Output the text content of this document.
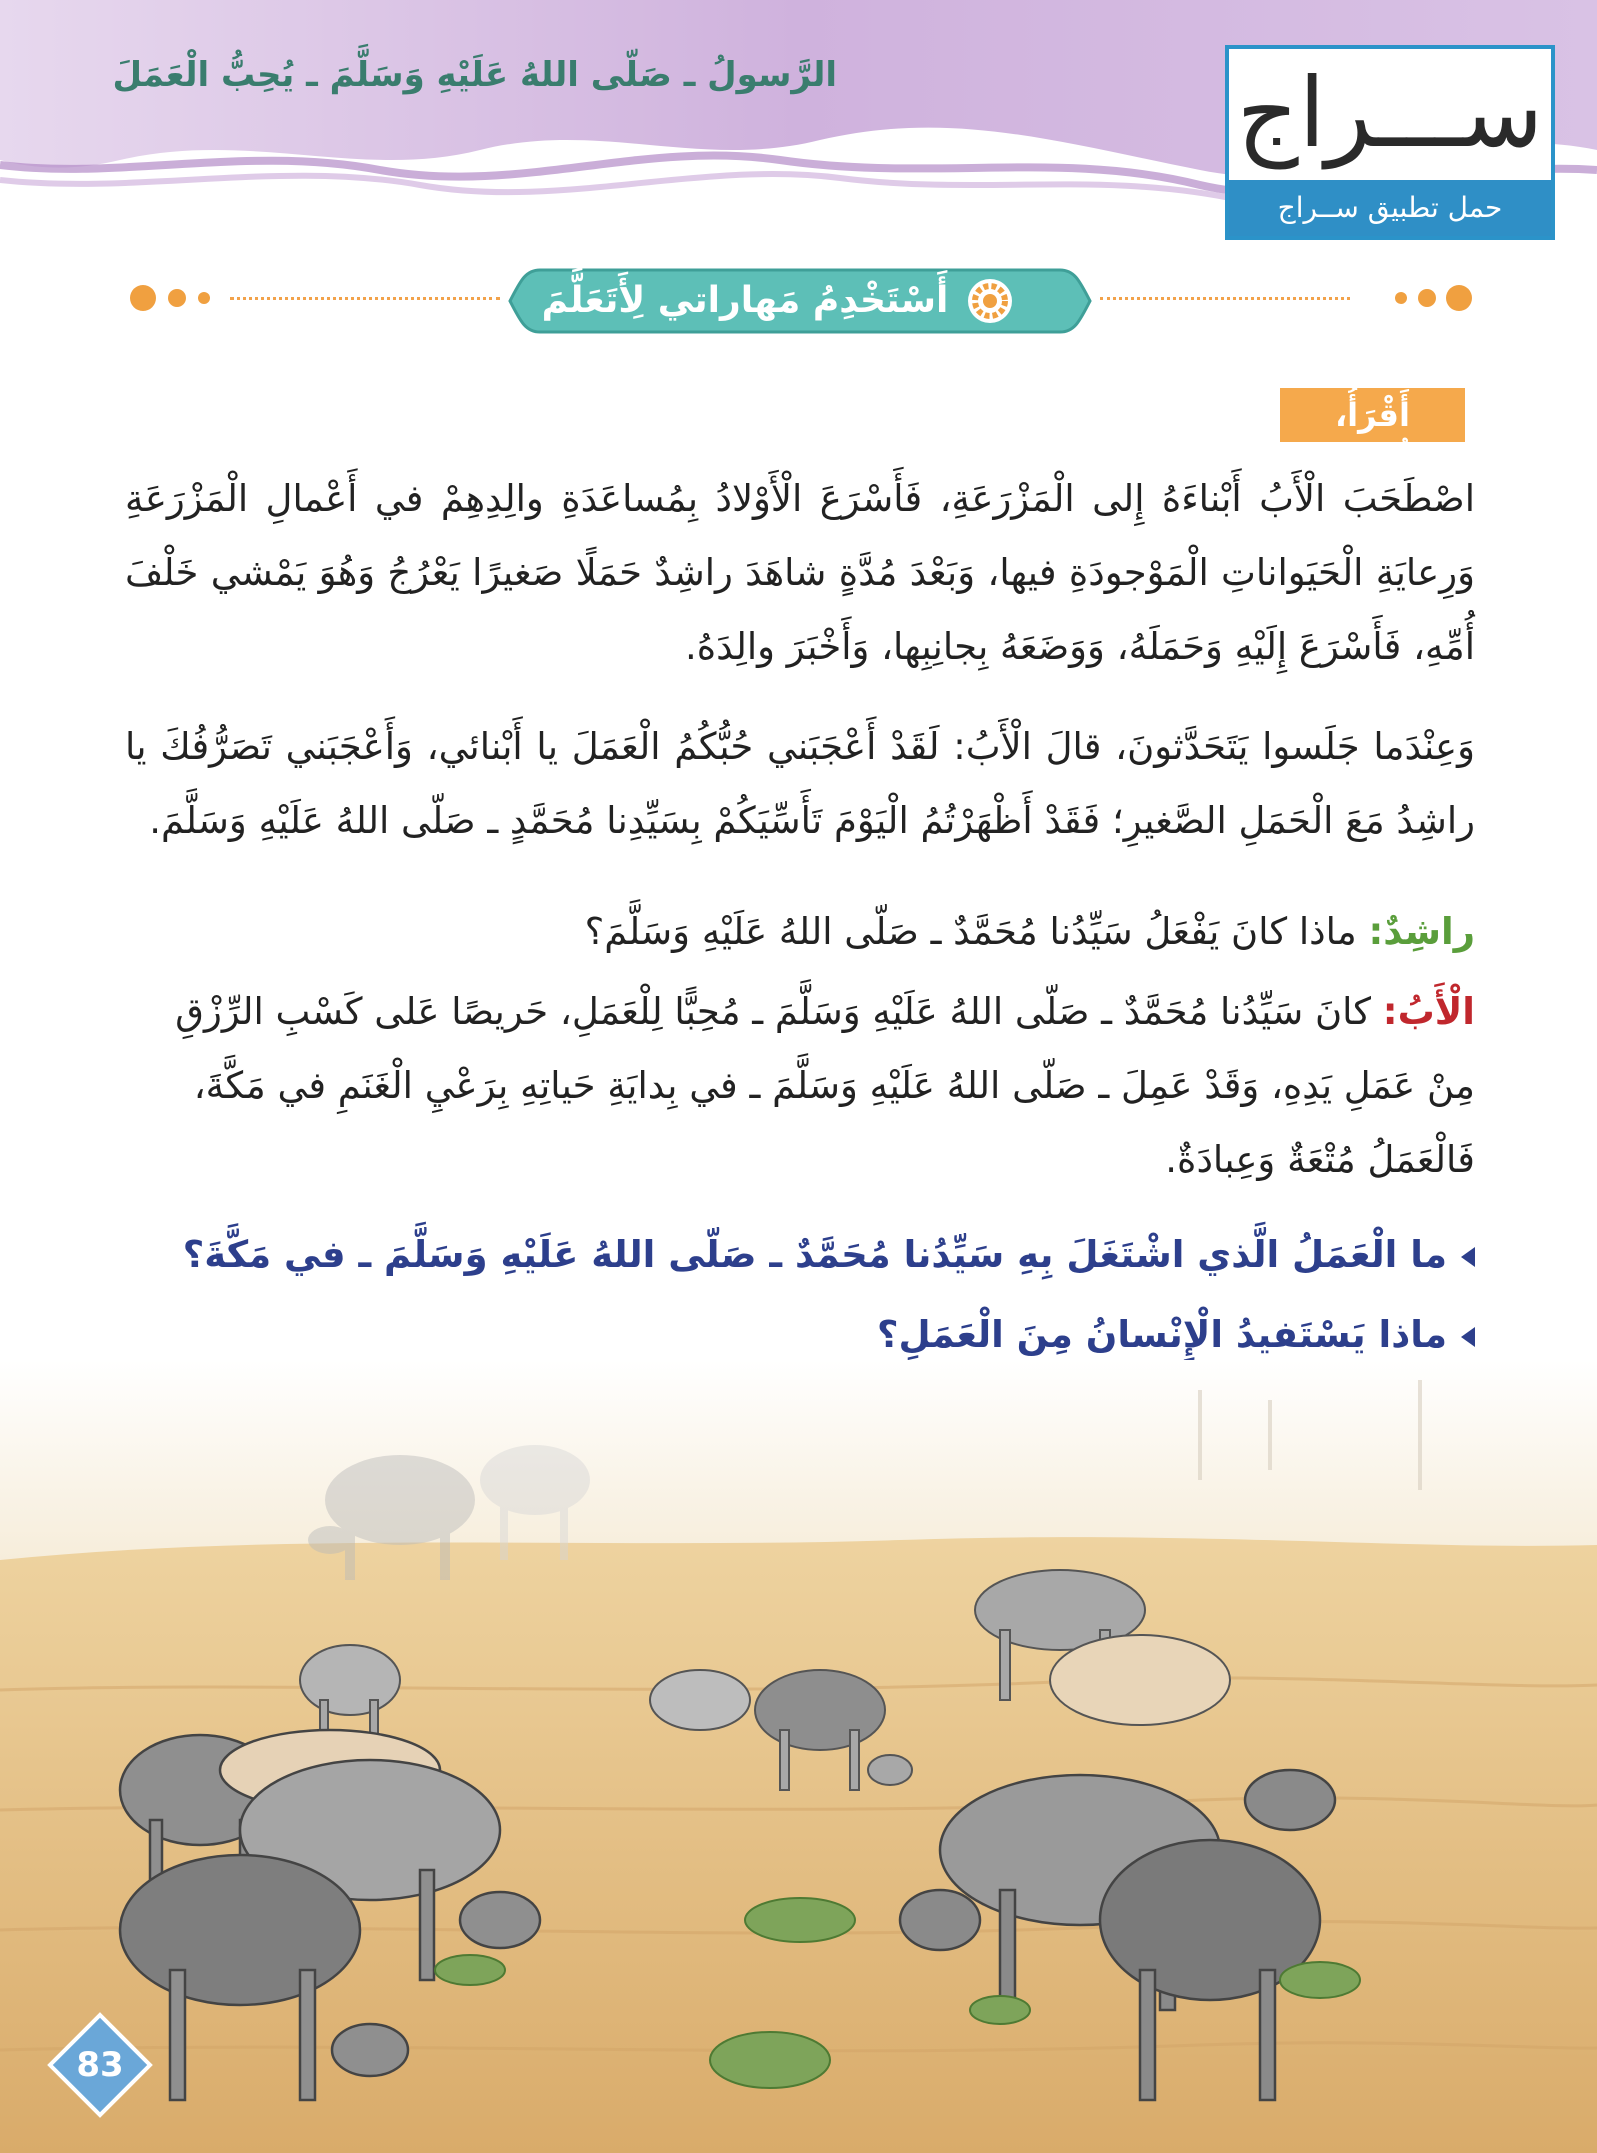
الرَّسولُ ـ صَلّى اللهُ عَلَيْهِ وَسَلَّمَ ـ يُحِبُّ الْعَمَلَ	ســـراج
حمل تطبيق ســراج
أَسْتَخْدِمُ مَهاراتي لِأَتَعَلَّمَ
أَقْرَأُ، وَأُجيبُ:
اصْطَحَبَ الْأَبُ أَبْناءَهُ إِلى الْمَزْرَعَةِ، فَأَسْرَعَ الْأَوْلادُ بِمُساعَدَةِ والِدِهِمْ في أَعْمالِ الْمَزْرَعَةِ وَرِعايَةِ الْحَيَواناتِ الْمَوْجودَةِ فيها، وَبَعْدَ مُدَّةٍ شاهَدَ راشِدٌ حَمَلًا صَغيرًا يَعْرُجُ وَهُوَ يَمْشي خَلْفَ أُمِّهِ، فَأَسْرَعَ إِلَيْهِ وَحَمَلَهُ، وَوَضَعَهُ بِجانِبِها، وَأَخْبَرَ والِدَهُ.
وَعِنْدَما جَلَسوا يَتَحَدَّثونَ، قالَ الْأَبُ: لَقَدْ أَعْجَبَني حُبُّكُمُ الْعَمَلَ يا أَبْنائي، وَأَعْجَبَني تَصَرُّفُكَ يا راشِدُ مَعَ الْحَمَلِ الصَّغيرِ؛ فَقَدْ أَظْهَرْتُمُ الْيَوْمَ تَأَسِّيَكُمْ بِسَيِّدِنا مُحَمَّدٍ ـ صَلّى اللهُ عَلَيْهِ وَسَلَّمَ.
راشِدٌ: ماذا كانَ يَفْعَلُ سَيِّدُنا مُحَمَّدٌ ـ صَلّى اللهُ عَلَيْهِ وَسَلَّمَ؟
الْأَبُ: كانَ سَيِّدُنا مُحَمَّدٌ ـ صَلّى اللهُ عَلَيْهِ وَسَلَّمَ ـ مُحِبًّا لِلْعَمَلِ، حَريصًا عَلى كَسْبِ الرِّزْقِ مِنْ عَمَلِ يَدِهِ، وَقَدْ عَمِلَ ـ صَلّى اللهُ عَلَيْهِ وَسَلَّمَ ـ في بِدايَةِ حَياتِهِ بِرَعْيِ الْغَنَمِ في مَكَّةَ، فَالْعَمَلُ مُتْعَةٌ وَعِبادَةٌ.
ما الْعَمَلُ الَّذي اشْتَغَلَ بِهِ سَيِّدُنا مُحَمَّدٌ ـ صَلّى اللهُ عَلَيْهِ وَسَلَّمَ ـ في مَكَّةَ؟
ماذا يَسْتَفيدُ الْإِنْسانُ مِنَ الْعَمَلِ؟
83
